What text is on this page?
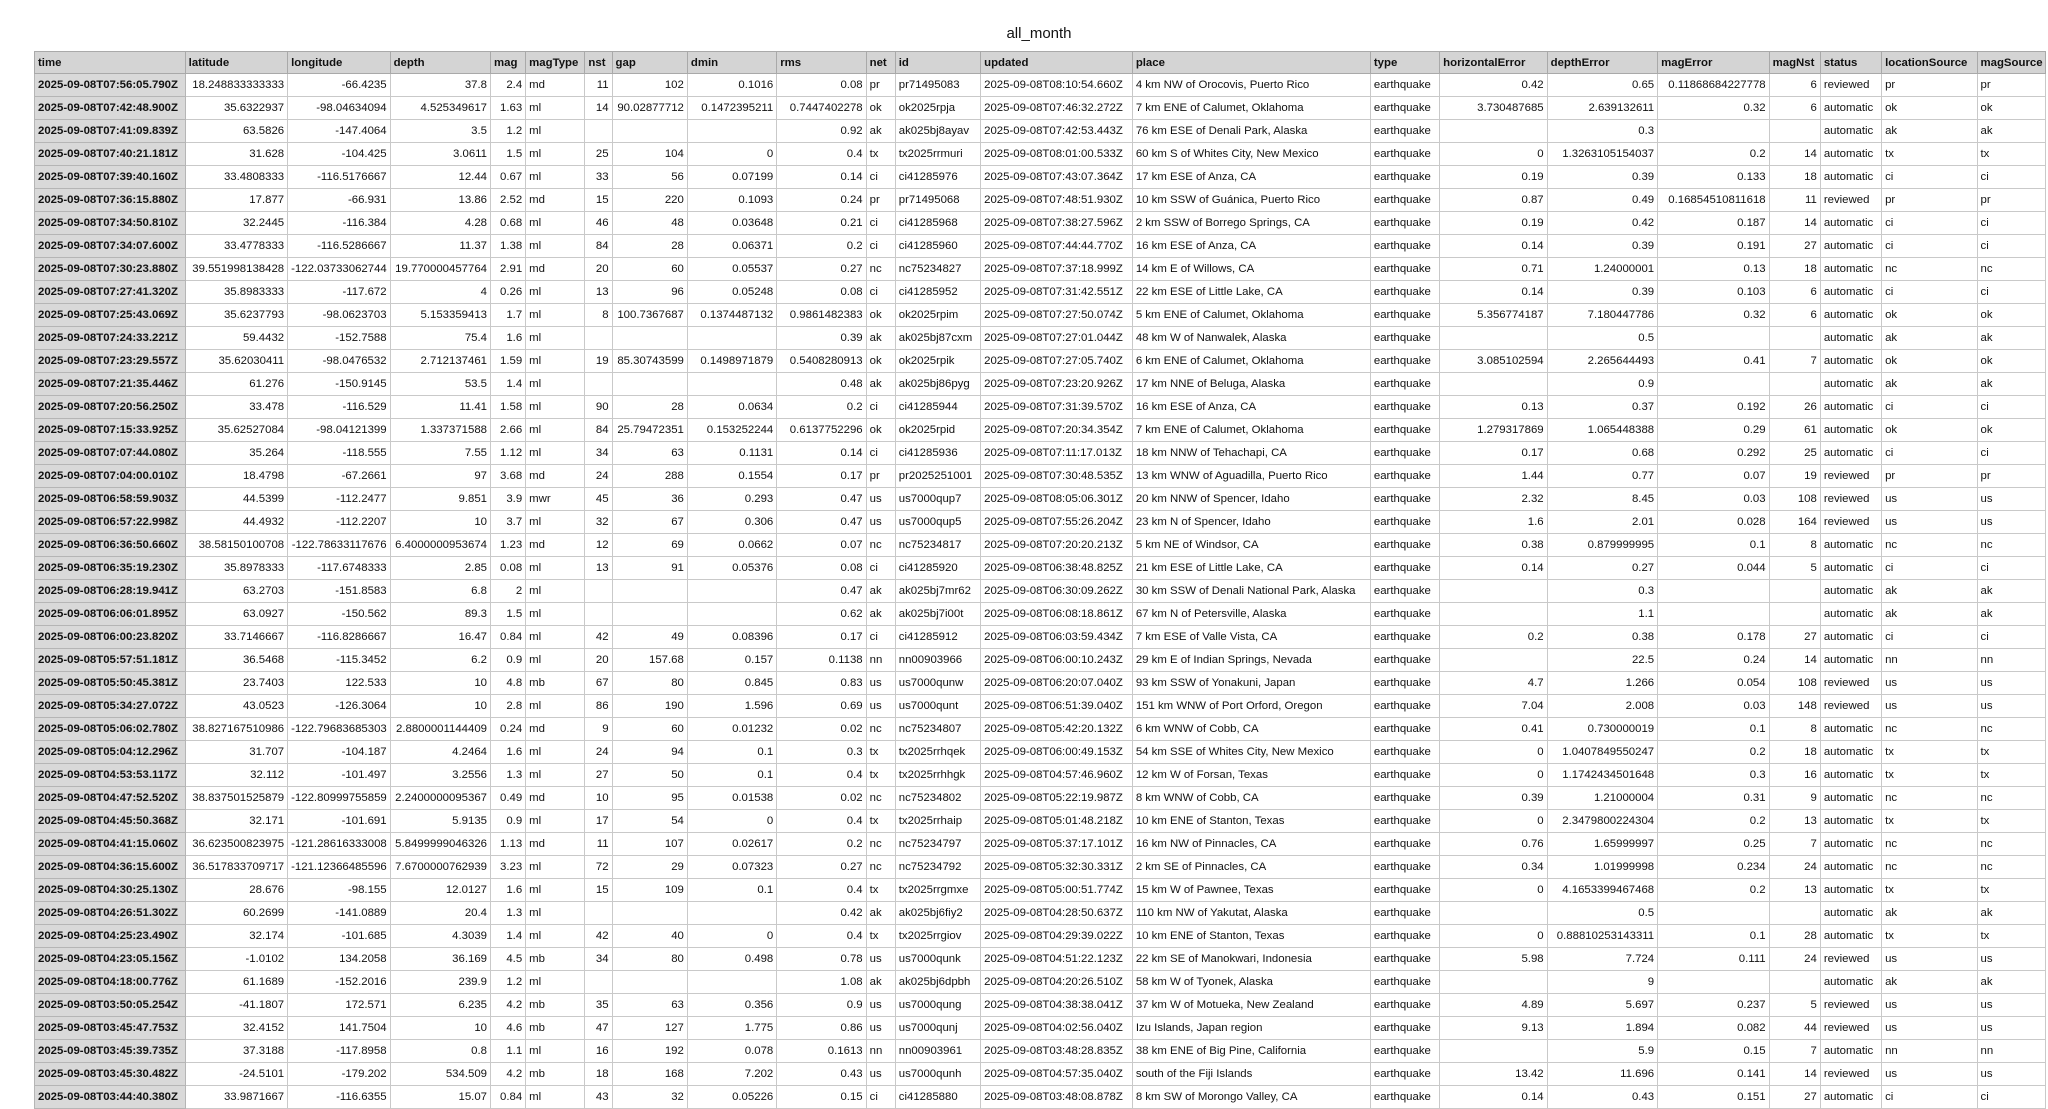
all_month
time	latitude	longitude	depth	mag	magType	nst	gap	dmin	rms	net	id	updated	place	type	horizontalError	depthError	magError	magNst	status	locationSource	magSource
2025-09-08T07:56:05.790Z	18.248833333333	-66.4235	37.8	2.4	md	11	102	0.1016	0.08	pr	pr71495083	2025-09-08T08:10:54.660Z	4 km NW of Orocovis, Puerto Rico	earthquake	0.42	0.65	0.11868684227778	6	reviewed	pr	pr
2025-09-08T07:42:48.900Z	35.6322937	-98.04634094	4.525349617	1.63	ml	14	90.02877712	0.1472395211	0.7447402278	ok	ok2025rpja	2025-09-08T07:46:32.272Z	7 km ENE of Calumet, Oklahoma	earthquake	3.730487685	2.639132611	0.32	6	automatic	ok	ok
2025-09-08T07:41:09.839Z	63.5826	-147.4064	3.5	1.2	ml				0.92	ak	ak025bj8ayav	2025-09-08T07:42:53.443Z	76 km ESE of Denali Park, Alaska	earthquake		0.3			automatic	ak	ak
2025-09-08T07:40:21.181Z	31.628	-104.425	3.0611	1.5	ml	25	104	0	0.4	tx	tx2025rrmuri	2025-09-08T08:01:00.533Z	60 km S of Whites City, New Mexico	earthquake	0	1.3263105154037	0.2	14	automatic	tx	tx
2025-09-08T07:39:40.160Z	33.4808333	-116.5176667	12.44	0.67	ml	33	56	0.07199	0.14	ci	ci41285976	2025-09-08T07:43:07.364Z	17 km ESE of Anza, CA	earthquake	0.19	0.39	0.133	18	automatic	ci	ci
2025-09-08T07:36:15.880Z	17.877	-66.931	13.86	2.52	md	15	220	0.1093	0.24	pr	pr71495068	2025-09-08T07:48:51.930Z	10 km SSW of Guánica, Puerto Rico	earthquake	0.87	0.49	0.16854510811618	11	reviewed	pr	pr
2025-09-08T07:34:50.810Z	32.2445	-116.384	4.28	0.68	ml	46	48	0.03648	0.21	ci	ci41285968	2025-09-08T07:38:27.596Z	2 km SSW of Borrego Springs, CA	earthquake	0.19	0.42	0.187	14	automatic	ci	ci
2025-09-08T07:34:07.600Z	33.4778333	-116.5286667	11.37	1.38	ml	84	28	0.06371	0.2	ci	ci41285960	2025-09-08T07:44:44.770Z	16 km ESE of Anza, CA	earthquake	0.14	0.39	0.191	27	automatic	ci	ci
2025-09-08T07:30:23.880Z	39.551998138428	-122.03733062744	19.770000457764	2.91	md	20	60	0.05537	0.27	nc	nc75234827	2025-09-08T07:37:18.999Z	14 km E of Willows, CA	earthquake	0.71	1.24000001	0.13	18	automatic	nc	nc
2025-09-08T07:27:41.320Z	35.8983333	-117.672	4	0.26	ml	13	96	0.05248	0.08	ci	ci41285952	2025-09-08T07:31:42.551Z	22 km ESE of Little Lake, CA	earthquake	0.14	0.39	0.103	6	automatic	ci	ci
2025-09-08T07:25:43.069Z	35.6237793	-98.0623703	5.153359413	1.7	ml	8	100.7367687	0.1374487132	0.9861482383	ok	ok2025rpim	2025-09-08T07:27:50.074Z	5 km ENE of Calumet, Oklahoma	earthquake	5.356774187	7.180447786	0.32	6	automatic	ok	ok
2025-09-08T07:24:33.221Z	59.4432	-152.7588	75.4	1.6	ml				0.39	ak	ak025bj87cxm	2025-09-08T07:27:01.044Z	48 km W of Nanwalek, Alaska	earthquake		0.5			automatic	ak	ak
2025-09-08T07:23:29.557Z	35.62030411	-98.0476532	2.712137461	1.59	ml	19	85.30743599	0.1498971879	0.5408280913	ok	ok2025rpik	2025-09-08T07:27:05.740Z	6 km ENE of Calumet, Oklahoma	earthquake	3.085102594	2.265644493	0.41	7	automatic	ok	ok
2025-09-08T07:21:35.446Z	61.276	-150.9145	53.5	1.4	ml				0.48	ak	ak025bj86pyg	2025-09-08T07:23:20.926Z	17 km NNE of Beluga, Alaska	earthquake		0.9			automatic	ak	ak
2025-09-08T07:20:56.250Z	33.478	-116.529	11.41	1.58	ml	90	28	0.0634	0.2	ci	ci41285944	2025-09-08T07:31:39.570Z	16 km ESE of Anza, CA	earthquake	0.13	0.37	0.192	26	automatic	ci	ci
2025-09-08T07:15:33.925Z	35.62527084	-98.04121399	1.337371588	2.66	ml	84	25.79472351	0.153252244	0.6137752296	ok	ok2025rpid	2025-09-08T07:20:34.354Z	7 km ENE of Calumet, Oklahoma	earthquake	1.279317869	1.065448388	0.29	61	automatic	ok	ok
2025-09-08T07:07:44.080Z	35.264	-118.555	7.55	1.12	ml	34	63	0.1131	0.14	ci	ci41285936	2025-09-08T07:11:17.013Z	18 km NNW of Tehachapi, CA	earthquake	0.17	0.68	0.292	25	automatic	ci	ci
2025-09-08T07:04:00.010Z	18.4798	-67.2661	97	3.68	md	24	288	0.1554	0.17	pr	pr2025251001	2025-09-08T07:30:48.535Z	13 km WNW of Aguadilla, Puerto Rico	earthquake	1.44	0.77	0.07	19	reviewed	pr	pr
2025-09-08T06:58:59.903Z	44.5399	-112.2477	9.851	3.9	mwr	45	36	0.293	0.47	us	us7000qup7	2025-09-08T08:05:06.301Z	20 km NNW of Spencer, Idaho	earthquake	2.32	8.45	0.03	108	reviewed	us	us
2025-09-08T06:57:22.998Z	44.4932	-112.2207	10	3.7	ml	32	67	0.306	0.47	us	us7000qup5	2025-09-08T07:55:26.204Z	23 km N of Spencer, Idaho	earthquake	1.6	2.01	0.028	164	reviewed	us	us
2025-09-08T06:36:50.660Z	38.58150100708	-122.78633117676	6.4000000953674	1.23	md	12	69	0.0662	0.07	nc	nc75234817	2025-09-08T07:20:20.213Z	5 km NE of Windsor, CA	earthquake	0.38	0.879999995	0.1	8	automatic	nc	nc
2025-09-08T06:35:19.230Z	35.8978333	-117.6748333	2.85	0.08	ml	13	91	0.05376	0.08	ci	ci41285920	2025-09-08T06:38:48.825Z	21 km ESE of Little Lake, CA	earthquake	0.14	0.27	0.044	5	automatic	ci	ci
2025-09-08T06:28:19.941Z	63.2703	-151.8583	6.8	2	ml				0.47	ak	ak025bj7mr62	2025-09-08T06:30:09.262Z	30 km SSW of Denali National Park, Alaska	earthquake		0.3			automatic	ak	ak
2025-09-08T06:06:01.895Z	63.0927	-150.562	89.3	1.5	ml				0.62	ak	ak025bj7i00t	2025-09-08T06:08:18.861Z	67 km N of Petersville, Alaska	earthquake		1.1			automatic	ak	ak
2025-09-08T06:00:23.820Z	33.7146667	-116.8286667	16.47	0.84	ml	42	49	0.08396	0.17	ci	ci41285912	2025-09-08T06:03:59.434Z	7 km ESE of Valle Vista, CA	earthquake	0.2	0.38	0.178	27	automatic	ci	ci
2025-09-08T05:57:51.181Z	36.5468	-115.3452	6.2	0.9	ml	20	157.68	0.157	0.1138	nn	nn00903966	2025-09-08T06:00:10.243Z	29 km E of Indian Springs, Nevada	earthquake		22.5	0.24	14	automatic	nn	nn
2025-09-08T05:50:45.381Z	23.7403	122.533	10	4.8	mb	67	80	0.845	0.83	us	us7000qunw	2025-09-08T06:20:07.040Z	93 km SSW of Yonakuni, Japan	earthquake	4.7	1.266	0.054	108	reviewed	us	us
2025-09-08T05:34:27.072Z	43.0523	-126.3064	10	2.8	ml	86	190	1.596	0.69	us	us7000qunt	2025-09-08T06:51:39.040Z	151 km WNW of Port Orford, Oregon	earthquake	7.04	2.008	0.03	148	reviewed	us	us
2025-09-08T05:06:02.780Z	38.827167510986	-122.79683685303	2.8800001144409	0.24	md	9	60	0.01232	0.02	nc	nc75234807	2025-09-08T05:42:20.132Z	6 km WNW of Cobb, CA	earthquake	0.41	0.730000019	0.1	8	automatic	nc	nc
2025-09-08T05:04:12.296Z	31.707	-104.187	4.2464	1.6	ml	24	94	0.1	0.3	tx	tx2025rrhqek	2025-09-08T06:00:49.153Z	54 km SSE of Whites City, New Mexico	earthquake	0	1.0407849550247	0.2	18	automatic	tx	tx
2025-09-08T04:53:53.117Z	32.112	-101.497	3.2556	1.3	ml	27	50	0.1	0.4	tx	tx2025rrhhgk	2025-09-08T04:57:46.960Z	12 km W of Forsan, Texas	earthquake	0	1.1742434501648	0.3	16	automatic	tx	tx
2025-09-08T04:47:52.520Z	38.837501525879	-122.80999755859	2.2400000095367	0.49	md	10	95	0.01538	0.02	nc	nc75234802	2025-09-08T05:22:19.987Z	8 km WNW of Cobb, CA	earthquake	0.39	1.21000004	0.31	9	automatic	nc	nc
2025-09-08T04:45:50.368Z	32.171	-101.691	5.9135	0.9	ml	17	54	0	0.4	tx	tx2025rrhaip	2025-09-08T05:01:48.218Z	10 km ENE of Stanton, Texas	earthquake	0	2.3479800224304	0.2	13	automatic	tx	tx
2025-09-08T04:41:15.060Z	36.623500823975	-121.28616333008	5.8499999046326	1.13	md	11	107	0.02617	0.2	nc	nc75234797	2025-09-08T05:37:17.101Z	16 km NW of Pinnacles, CA	earthquake	0.76	1.65999997	0.25	7	automatic	nc	nc
2025-09-08T04:36:15.600Z	36.517833709717	-121.12366485596	7.6700000762939	3.23	ml	72	29	0.07323	0.27	nc	nc75234792	2025-09-08T05:32:30.331Z	2 km SE of Pinnacles, CA	earthquake	0.34	1.01999998	0.234	24	automatic	nc	nc
2025-09-08T04:30:25.130Z	28.676	-98.155	12.0127	1.6	ml	15	109	0.1	0.4	tx	tx2025rrgmxe	2025-09-08T05:00:51.774Z	15 km W of Pawnee, Texas	earthquake	0	4.1653399467468	0.2	13	automatic	tx	tx
2025-09-08T04:26:51.302Z	60.2699	-141.0889	20.4	1.3	ml				0.42	ak	ak025bj6fiy2	2025-09-08T04:28:50.637Z	110 km NW of Yakutat, Alaska	earthquake		0.5			automatic	ak	ak
2025-09-08T04:25:23.490Z	32.174	-101.685	4.3039	1.4	ml	42	40	0	0.4	tx	tx2025rrgiov	2025-09-08T04:29:39.022Z	10 km ENE of Stanton, Texas	earthquake	0	0.88810253143311	0.1	28	automatic	tx	tx
2025-09-08T04:23:05.156Z	-1.0102	134.2058	36.169	4.5	mb	34	80	0.498	0.78	us	us7000qunk	2025-09-08T04:51:22.123Z	22 km SE of Manokwari, Indonesia	earthquake	5.98	7.724	0.111	24	reviewed	us	us
2025-09-08T04:18:00.776Z	61.1689	-152.2016	239.9	1.2	ml				1.08	ak	ak025bj6dpbh	2025-09-08T04:20:26.510Z	58 km W of Tyonek, Alaska	earthquake		9			automatic	ak	ak
2025-09-08T03:50:05.254Z	-41.1807	172.571	6.235	4.2	mb	35	63	0.356	0.9	us	us7000qung	2025-09-08T04:38:38.041Z	37 km W of Motueka, New Zealand	earthquake	4.89	5.697	0.237	5	reviewed	us	us
2025-09-08T03:45:47.753Z	32.4152	141.7504	10	4.6	mb	47	127	1.775	0.86	us	us7000qunj	2025-09-08T04:02:56.040Z	Izu Islands, Japan region	earthquake	9.13	1.894	0.082	44	reviewed	us	us
2025-09-08T03:45:39.735Z	37.3188	-117.8958	0.8	1.1	ml	16	192	0.078	0.1613	nn	nn00903961	2025-09-08T03:48:28.835Z	38 km ENE of Big Pine, California	earthquake		5.9	0.15	7	automatic	nn	nn
2025-09-08T03:45:30.482Z	-24.5101	-179.202	534.509	4.2	mb	18	168	7.202	0.43	us	us7000qunh	2025-09-08T04:57:35.040Z	south of the Fiji Islands	earthquake	13.42	11.696	0.141	14	reviewed	us	us
2025-09-08T03:44:40.380Z	33.9871667	-116.6355	15.07	0.84	ml	43	32	0.05226	0.15	ci	ci41285880	2025-09-08T03:48:08.878Z	8 km SW of Morongo Valley, CA	earthquake	0.14	0.43	0.151	27	automatic	ci	ci
